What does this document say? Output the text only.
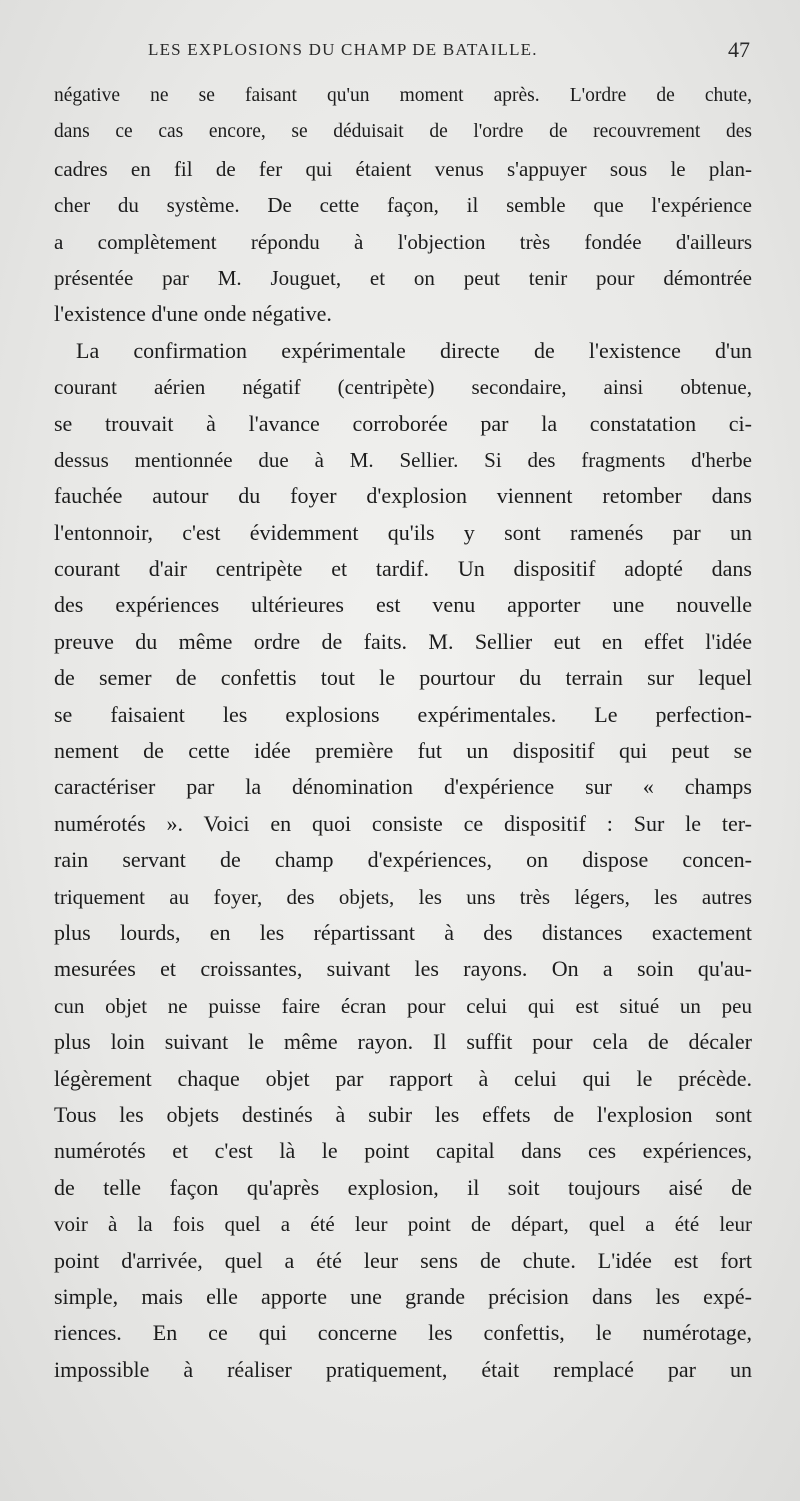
LES EXPLOSIONS DU CHAMP DE BATAILLE.	47
négative ne se faisant qu'un moment après. L'ordre de chute,
dans ce cas encore, se déduisait de l'ordre de recouvrement des
cadres en fil de fer qui étaient venus s'appuyer sous le plan-
cher du système. De cette façon, il semble que l'expérience
a complètement répondu à l'objection très fondée d'ailleurs
présentée par M. Jouguet, et on peut tenir pour démontrée
l'existence d'une onde négative.
La confirmation expérimentale directe de l'existence d'un
courant aérien négatif (centripète) secondaire, ainsi obtenue,
se trouvait à l'avance corroborée par la constatation ci-
dessus mentionnée due à M. Sellier. Si des fragments d'herbe
fauchée autour du foyer d'explosion viennent retomber dans
l'entonnoir, c'est évidemment qu'ils y sont ramenés par un
courant d'air centripète et tardif. Un dispositif adopté dans
des expériences ultérieures est venu apporter une nouvelle
preuve du même ordre de faits. M. Sellier eut en effet l'idée
de semer de confettis tout le pourtour du terrain sur lequel
se faisaient les explosions expérimentales. Le perfection-
nement de cette idée première fut un dispositif qui peut se
caractériser par la dénomination d'expérience sur « champs
numérotés ». Voici en quoi consiste ce dispositif : Sur le ter-
rain servant de champ d'expériences, on dispose concen-
triquement au foyer, des objets, les uns très légers, les autres
plus lourds, en les répartissant à des distances exactement
mesurées et croissantes, suivant les rayons. On a soin qu'au-
cun objet ne puisse faire écran pour celui qui est situé un peu
plus loin suivant le même rayon. Il suffit pour cela de décaler
légèrement chaque objet par rapport à celui qui le précède.
Tous les objets destinés à subir les effets de l'explosion sont
numérotés et c'est là le point capital dans ces expériences,
de telle façon qu'après explosion, il soit toujours aisé de
voir à la fois quel a été leur point de départ, quel a été leur
point d'arrivée, quel a été leur sens de chute. L'idée est fort
simple, mais elle apporte une grande précision dans les expé-
riences. En ce qui concerne les confettis, le numérotage,
impossible à réaliser pratiquement, était remplacé par un
